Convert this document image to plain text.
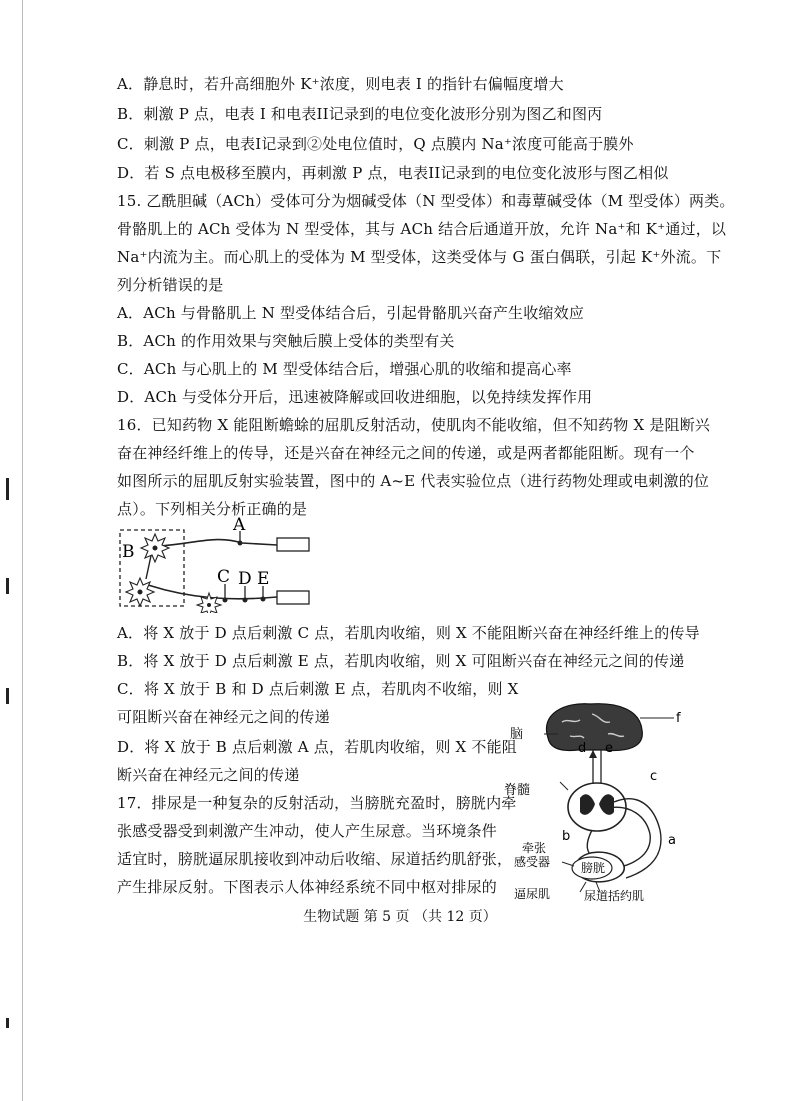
A．静息时，若升高细胞外 K⁺浓度，则电表 I 的指针右偏幅度增大
B．刺激 P 点，电表 I 和电表II记录到的电位变化波形分别为图乙和图丙
C．刺激 P 点，电表I记录到②处电位值时，Q 点膜内 Na⁺浓度可能高于膜外
D．若 S 点电极移至膜内，再刺激 P 点，电表II记录到的电位变化波形与图乙相似
15. 乙酰胆碱（ACh）受体可分为烟碱受体（N 型受体）和毒蕈碱受体（M 型受体）两类。
骨骼肌上的 ACh 受体为 N 型受体，其与 ACh 结合后通道开放，允许 Na⁺和 K⁺通过，以
Na⁺内流为主。而心肌上的受体为 M 型受体，这类受体与 G 蛋白偶联，引起 K⁺外流。下
列分析错误的是
A．ACh 与骨骼肌上 N 型受体结合后，引起骨骼肌兴奋产生收缩效应
B．ACh 的作用效果与突触后膜上受体的类型有关
C．ACh 与心肌上的 M 型受体结合后，增强心肌的收缩和提高心率
D．ACh 与受体分开后，迅速被降解或回收进细胞，以免持续发挥作用
16．已知药物 X 能阻断蟾蜍的屈肌反射活动，使肌肉不能收缩，但不知药物 X 是阻断兴
奋在神经纤维上的传导，还是兴奋在神经元之间的传递，或是两者都能阻断。现有一个
如图所示的屈肌反射实验装置，图中的 A~E 代表实验位点（进行药物处理或电刺激的位
点）。下列相关分析正确的是
A
B
C D E
A．将 X 放于 D 点后刺激 C 点，若肌肉收缩，则 X 不能阻断兴奋在神经纤维上的传导
B．将 X 放于 D 点后刺激 E 点，若肌肉收缩，则 X 可阻断兴奋在神经元之间的传递
C．将 X 放于 B 和 D 点后刺激 E 点，若肌肉不收缩，则 X
可阻断兴奋在神经元之间的传递
D．将 X 放于 B 点后刺激 A 点，若肌肉收缩，则 X 不能阻
断兴奋在神经元之间的传递
17．排尿是一种复杂的反射活动，当膀胱充盈时，膀胱内牵
张感受器受到刺激产生冲动，使人产生尿意。当环境条件
适宜时，膀胱逼尿肌接收到冲动后收缩、尿道括约肌舒张，
产生排尿反射。下图表示人体神经系统不同中枢对排尿的
脑
脊髓
牵张
感受器	膀胱
逼尿肌	尿道括约肌
f
d e
c
b	a
生物试题 第 5 页 （共 12 页）
